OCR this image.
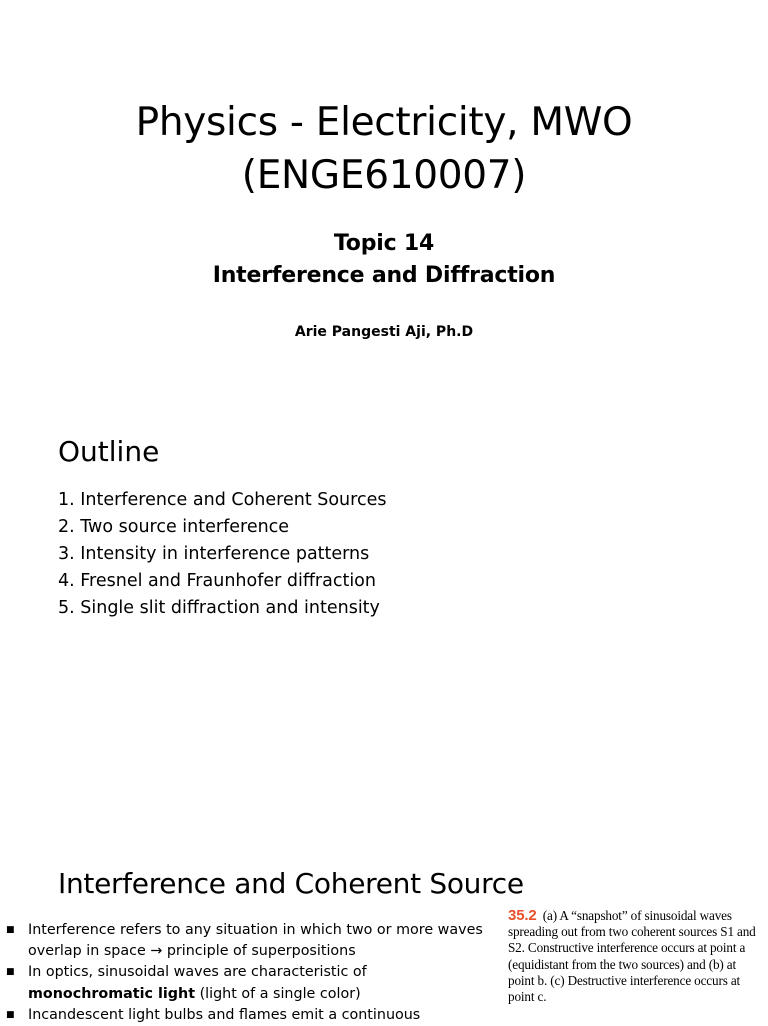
Physics - Electricity, MWO
(ENGE610007)
Topic 14
Interference and Diffraction
Arie Pangesti Aji, Ph.D
Outline
1. Interference and Coherent Sources
2. Two source interference
3. Intensity in interference patterns
4. Fresnel and Fraunhofer diffraction
5. Single slit diffraction and intensity
Interference and Coherent Source
■ Interference refers to any situation in which two or more waves overlap in space → principle of superpositions
■ In optics, sinusoidal waves are characteristic of monochromatic light (light of a single color)
■ Incandescent light bulbs and flames emit a continuous
35.2 (a) A “snapshot” of sinusoidal waves spreading out from two coherent sources S1 and S2. Constructive interference occurs at point a (equidistant from the two sources) and (b) at point b. (c) Destructive interference occurs at point c.
